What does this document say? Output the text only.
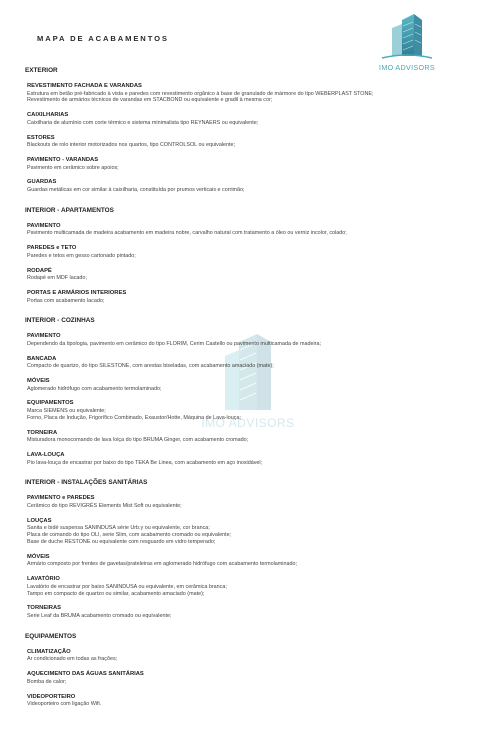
MAPA DE ACABAMENTOS
IMO ADVISORS
IMO ADVISORS
EXTERIOR
REVESTIMENTO FACHADA E VARANDAS
Estrutura em betão pré-fabricado à vista e paredes com revestimento orgânico à base de granulado de mármore do tipo WEBERPLAST STONE;
Revestimento de armários técnicos de varandas em STACBOND ou equivalente e gradil à mesma cor;
CAIXILHARIAS
Caixilharia de alumínio com corte térmico e sistema minimalista tipo REYNAERS ou equivalente;
ESTORES
Blackouts de rolo interior motorizados nos quartos, tipo CONTROLSOL ou equivalente;
PAVIMENTO - VARANDAS
Pavimento em cerâmico sobre apoios;
GUARDAS
Guardas metálicas em cor similar à caixilharia, constituída por prumos verticais e corrimão;
INTERIOR - APARTAMENTOS
PAVIMENTO
Pavimento multicamada de madeira acabamento em madeira nobre, carvalho natural com tratamento a óleo ou verniz incolor, colado;
PAREDES e TETO
Paredes e tetos em gesso cartonado pintado;
RODAPÉ
Rodapé em MDF lacado;
PORTAS E ARMÁRIOS INTERIORES
Portas com acabamento lacado;
INTERIOR - COZINHAS
PAVIMENTO
Dependendo da tipologia, pavimento em cerâmico do tipo FLORIM, Cerim Castello ou pavimento multicamada de madeira;
BANCADA
Compacto de quartzo, do tipo SILESTONE, com arestas biseladas, com acabamento amaciado (mate);
MÓVEIS
Aglomerado hidrófugo com acabamento termolaminado;
EQUIPAMENTOS
Marca SIEMENS ou equivalente;
Forno, Placa de Indução, Frigorífico Combinado, Exaustor/Hotte, Máquina de Lava-louça;
TORNEIRA
Misturadora monocomando de lava loiça do tipo BRUMA Ginger, com acabamento cromado;
LAVA-LOUÇA
Pio lava-louça de encastrar por baixo do tipo TEKA Be Linea, com acabamento em aço inoxidável;
INTERIOR - INSTALAÇÕES SANITÁRIAS
PAVIMENTO e PAREDES
Cerâmico do tipo REVIGRÉS Elements Mist Soft ou equivalente;
LOUÇAS
Sanita e bidé suspensa SANINDUSA série Urb.y ou equivalente, cor branca;
Placa de comando do tipo OLI, serie Slim, com acabamento cromado ou equivalente;
Base de duche RESTONE ou equivalente com resguardo em vidro temperado;
MÓVEIS
Armário composto por frentes de gavetas/prateleiras em aglomerado hidrófugo com acabamento termolaminado;
LAVATÓRIO
Lavatório de encastrar por baixo SANINDUSA ou equivalente, em cerâmica branca;
Tampo em compacto de quartzo ou similar, acabamento amaciado (mate);
TORNEIRAS
Serie Leaf da BRUMA acabamento cromado ou equivalente;
EQUIPAMENTOS
CLIMATIZAÇÃO
Ar condicionado em todas as frações;
AQUECIMENTO DAS ÁGUAS SANITÁRIAS
Bomba de calor;
VIDEOPORTEIRO
Videoporteiro com ligação Wifi.
